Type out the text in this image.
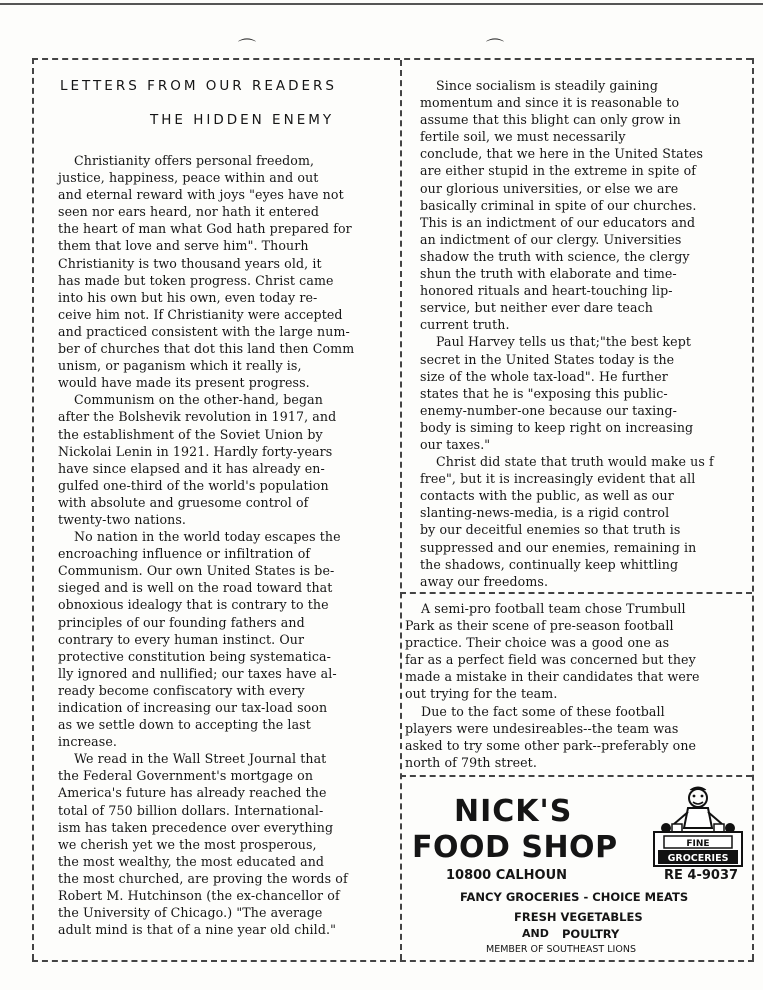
⌒	⌒
LETTERS FROM OUR READERS
THE HIDDEN ENEMY

Christianity offers personal freedom,
justice, happiness, peace within and out
and eternal reward with joys "eyes have not
seen nor ears heard, nor hath it entered
the heart of man what God hath prepared for
them that love and serve him". Thourh
Christianity is two thousand years old, it
has made but token progress. Christ came
into his own but his own, even today re-
ceive him not. If Christianity were accepted
and practiced consistent with the large num-
ber of churches that dot this land then Comm
unism, or paganism which it really is,
would have made its present progress.

Communism on the other-hand, began
after the Bolshevik revolution in 1917, and
the establishment of the Soviet Union by
Nickolai Lenin in 1921. Hardly forty-years
have since elapsed and it has already en-
gulfed one-third of the world's population
with absolute and gruesome control of
twenty-two nations.

No nation in the world today escapes the
encroaching influence or infiltration of
Communism. Our own United States is be-
sieged and is well on the road toward that
obnoxious idealogy that is contrary to the
principles of our founding fathers and
contrary to every human instinct. Our
protective constitution being systematica-
lly ignored and nullified; our taxes have al-
ready become confiscatory with every
indication of increasing our tax-load soon
as we settle down to accepting the last
increase.

We read in the Wall Street Journal that
the Federal Government's mortgage on
America's future has already reached the
total of 750 billion dollars. International-
ism has taken precedence over everything
we cherish yet we the most prosperous,
the most wealthy, the most educated and
the most churched, are proving the words of
Robert M. Hutchinson (the ex-chancellor of
the University of Chicago.) "The average
adult mind is that of a nine year old child."

Since socialism is steadily gaining
momentum and since it is reasonable to
assume that this blight can only grow in
fertile soil, we must necessarily
conclude, that we here in the United States
are either stupid in the extreme in spite of
our glorious universities, or else we are
basically criminal in spite of our churches.
This is an indictment of our educators and
an indictment of our clergy. Universities
shadow the truth with science, the clergy
shun the truth with elaborate and time-
honored rituals and heart-touching lip-
service, but neither ever dare teach
current truth.

Paul Harvey tells us that;"the best kept
secret in the United States today is the
size of the whole tax-load". He further
states that he is "exposing this public-
enemy-number-one because our taxing-
body is siming to keep right on increasing
our taxes."

Christ did state that truth would make us f
free", but it is increasingly evident that all
contacts with the public, as well as our
slanting-news-media, is a rigid control
by our deceitful enemies so that truth is
suppressed and our enemies, remaining in
the shadows, continually keep whittling
away our freedoms.

A semi-pro football team chose Trumbull
Park as their scene of pre-season football
practice. Their choice was a good one as
far as a perfect field was concerned but they
made a mistake in their candidates that were
out trying for the team.

Due to the fact some of these football
players were undesireables--the team was
asked to try some other park--preferably one
north of 79th street.

NICK'S
FOOD SHOP
10800 CALHOUN	RE 4-9037
FANCY GROCERIES - CHOICE MEATS
FRESH VEGETABLES
AND POULTRY
MEMBER OF SOUTHEAST LIONS
FINE
GROCERIES
